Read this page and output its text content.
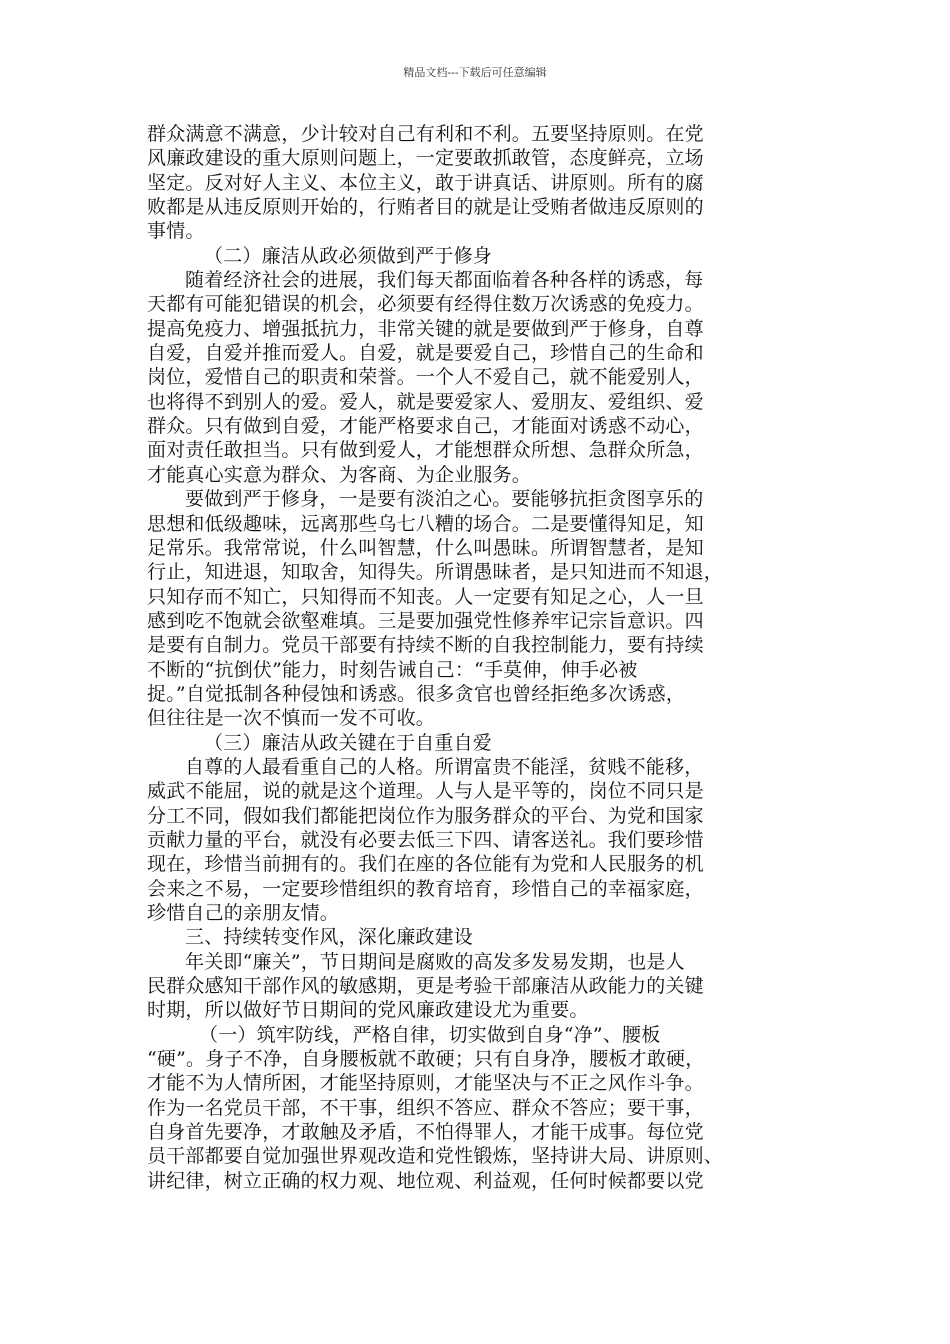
精品文档---下载后可任意编辑
群众满意不满意，少计较对自己有利和不利。五要坚持原则。在党
风廉政建设的重大原则问题上，一定要敢抓敢管，态度鲜亮，立场
坚定。反对好人主义、本位主义，敢于讲真话、讲原则。所有的腐
败都是从违反原则开始的，行贿者目的就是让受贿者做违反原则的
事情。
（二）廉洁从政必须做到严于修身
随着经济社会的进展，我们每天都面临着各种各样的诱惑，每
天都有可能犯错误的机会，必须要有经得住数万次诱惑的免疫力。
提高免疫力、增强抵抗力，非常关键的就是要做到严于修身，自尊
自爱，自爱并推而爱人。自爱，就是要爱自己，珍惜自己的生命和
岗位，爱惜自己的职责和荣誉。一个人不爱自己，就不能爱别人，
也将得不到别人的爱。爱人，就是要爱家人、爱朋友、爱组织、爱
群众。只有做到自爱，才能严格要求自己，才能面对诱惑不动心，
面对责任敢担当。只有做到爱人，才能想群众所想、急群众所急，
才能真心实意为群众、为客商、为企业服务。
要做到严于修身，一是要有淡泊之心。要能够抗拒贪图享乐的
思想和低级趣味，远离那些乌七八糟的场合。二是要懂得知足，知
足常乐。我常常说，什么叫智慧，什么叫愚昧。所谓智慧者，是知
行止，知进退，知取舍，知得失。所谓愚昧者，是只知进而不知退，
只知存而不知亡，只知得而不知丧。人一定要有知足之心，人一旦
感到吃不饱就会欲壑难填。三是要加强党性修养牢记宗旨意识。四
是要有自制力。党员干部要有持续不断的自我控制能力，要有持续
不断的“抗倒伏”能力，时刻告诫自己：“手莫伸，伸手必被
捉。”自觉抵制各种侵蚀和诱惑。很多贪官也曾经拒绝多次诱惑，
但往往是一次不慎而一发不可收。
（三）廉洁从政关键在于自重自爱
自尊的人最看重自己的人格。所谓富贵不能淫，贫贱不能移，
威武不能屈，说的就是这个道理。人与人是平等的，岗位不同只是
分工不同，假如我们都能把岗位作为服务群众的平台、为党和国家
贡献力量的平台，就没有必要去低三下四、请客送礼。我们要珍惜
现在，珍惜当前拥有的。我们在座的各位能有为党和人民服务的机
会来之不易，一定要珍惜组织的教育培育，珍惜自己的幸福家庭，
珍惜自己的亲朋友情。
三、持续转变作风，深化廉政建设
年关即“廉关”，节日期间是腐败的高发多发易发期，也是人
民群众感知干部作风的敏感期，更是考验干部廉洁从政能力的关键
时期，所以做好节日期间的党风廉政建设尤为重要。
（一）筑牢防线，严格自律，切实做到自身“净”、腰板
“硬”。身子不净，自身腰板就不敢硬；只有自身净，腰板才敢硬，
才能不为人情所困，才能坚持原则，才能坚决与不正之风作斗争。
作为一名党员干部，不干事，组织不答应、群众不答应；要干事，
自身首先要净，才敢触及矛盾，不怕得罪人，才能干成事。每位党
员干部都要自觉加强世界观改造和党性锻炼，坚持讲大局、讲原则、
讲纪律，树立正确的权力观、地位观、利益观，任何时候都要以党
